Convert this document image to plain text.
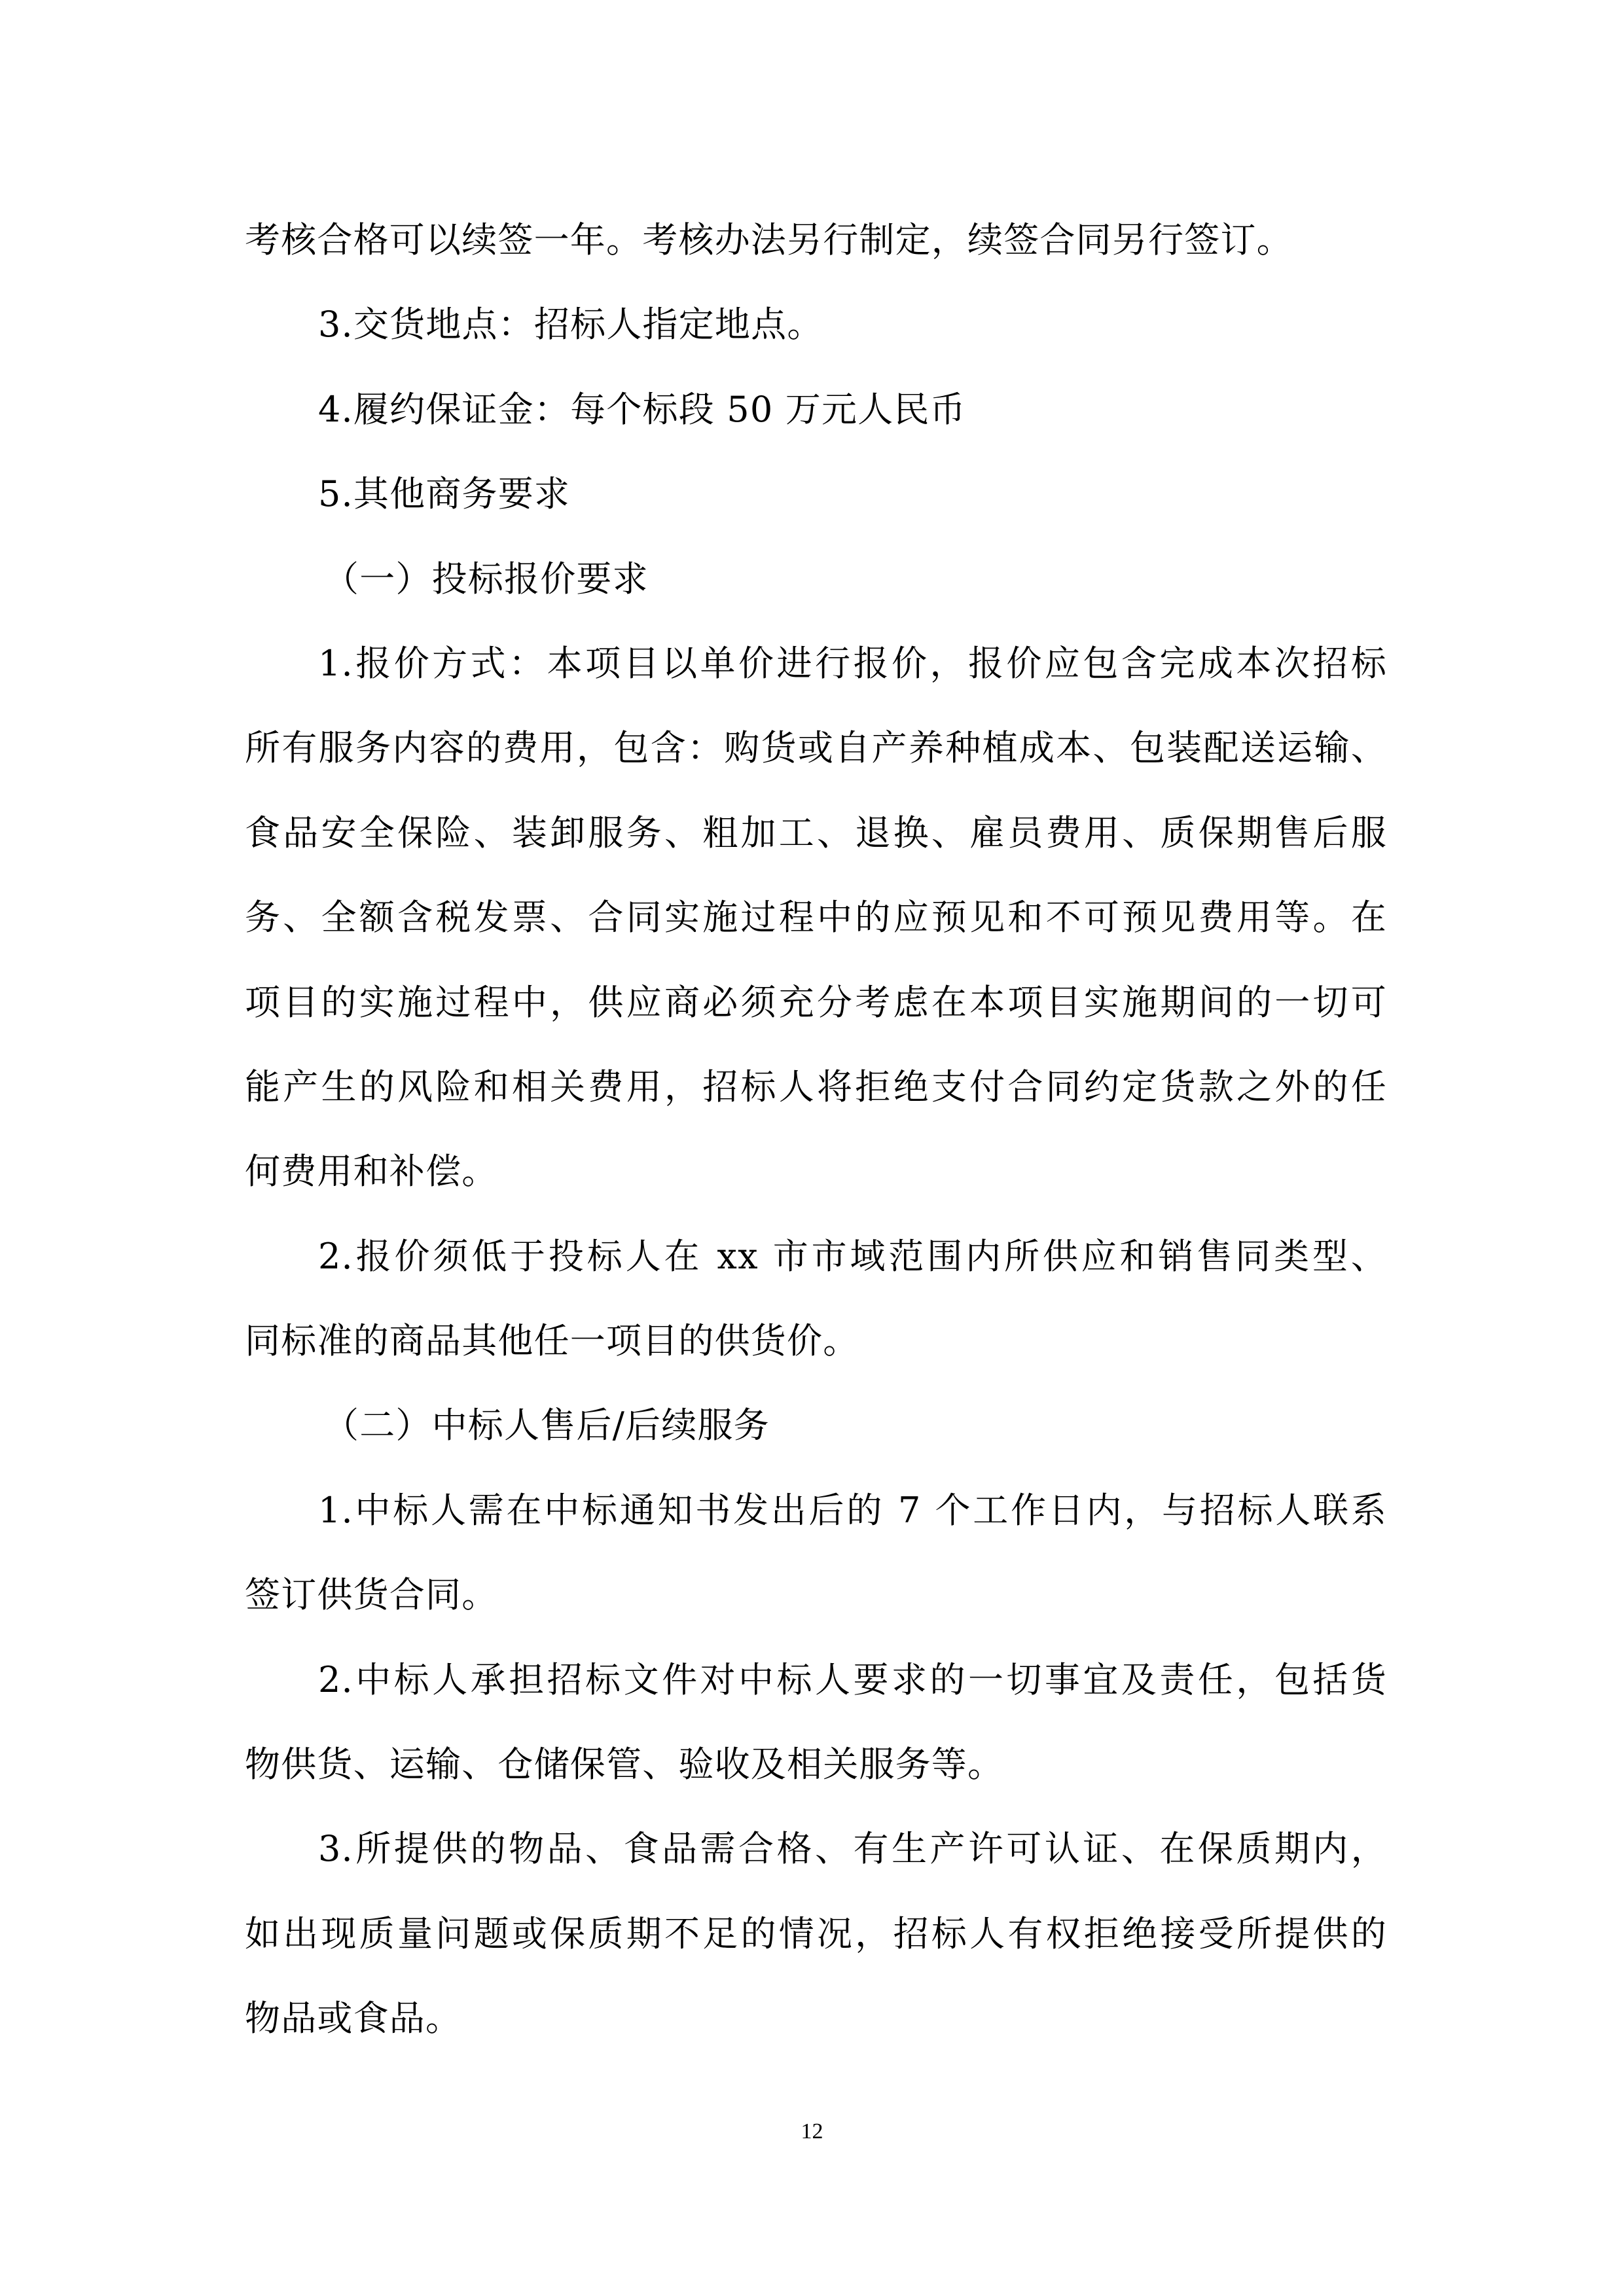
考核合格可以续签一年。考核办法另行制定，续签合同另行签订。
3.交货地点：招标人指定地点。
4.履约保证金：每个标段 50 万元人民币
5.其他商务要求
（一）投标报价要求
1.报价方式：本项目以单价进行报价，报价应包含完成本次招标
所有服务内容的费用，包含：购货或自产养种植成本、包装配送运输、
食品安全保险、装卸服务、粗加工、退换、雇员费用、质保期售后服
务、全额含税发票、合同实施过程中的应预见和不可预见费用等。在
项目的实施过程中，供应商必须充分考虑在本项目实施期间的一切可
能产生的风险和相关费用，招标人将拒绝支付合同约定货款之外的任
何费用和补偿。
2.报价须低于投标人在 xx 市市域范围内所供应和销售同类型、
同标准的商品其他任一项目的供货价。
（二）中标人售后/后续服务
1.中标人需在中标通知书发出后的 7 个工作日内，与招标人联系
签订供货合同。
2.中标人承担招标文件对中标人要求的一切事宜及责任，包括货
物供货、运输、仓储保管、验收及相关服务等。
3.所提供的物品、食品需合格、有生产许可认证、在保质期内，
如出现质量问题或保质期不足的情况，招标人有权拒绝接受所提供的
物品或食品。
12
